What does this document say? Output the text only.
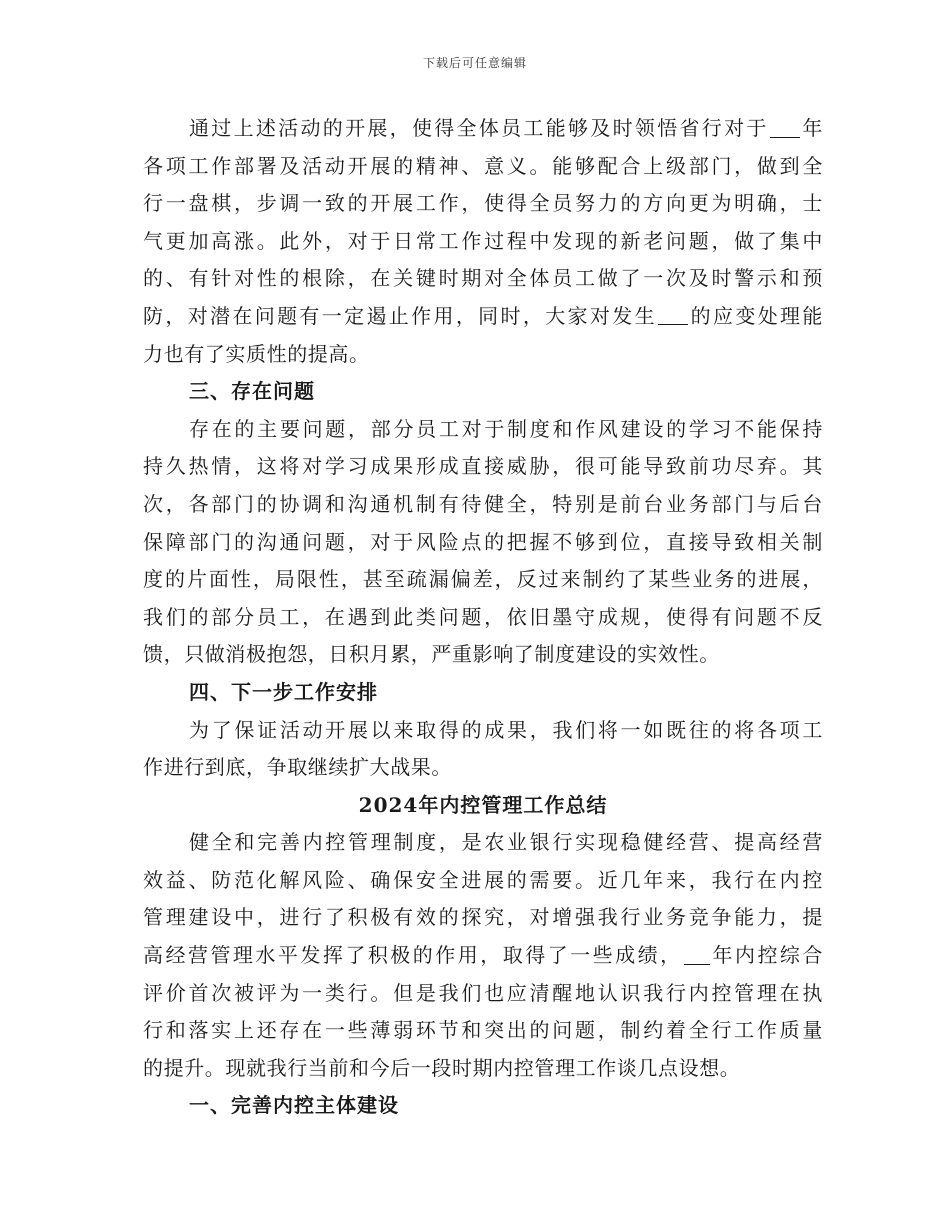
下载后可任意编辑
通过上述活动的开展，使得全体员工能够及时领悟省行对于 年
各项工作部署及活动开展的精神、意义。能够配合上级部门，做到全
行一盘棋，步调一致的开展工作，使得全员努力的方向更为明确，士
气更加高涨。此外，对于日常工作过程中发现的新老问题，做了集中
的、有针对性的根除，在关键时期对全体员工做了一次及时警示和预
防，对潜在问题有一定遏止作用，同时，大家对发生 的应变处理能
力也有了实质性的提高。
三、存在问题
存在的主要问题，部分员工对于制度和作风建设的学习不能保持
持久热情，这将对学习成果形成直接威胁，很可能导致前功尽弃。其
次，各部门的协调和沟通机制有待健全，特别是前台业务部门与后台
保障部门的沟通问题，对于风险点的把握不够到位，直接导致相关制
度的片面性，局限性，甚至疏漏偏差，反过来制约了某些业务的进展，
我们的部分员工，在遇到此类问题，依旧墨守成规，使得有问题不反
馈，只做消极抱怨，日积月累，严重影响了制度建设的实效性。
四、下一步工作安排
为了保证活动开展以来取得的成果，我们将一如既往的将各项工
作进行到底，争取继续扩大战果。
2024年内控管理工作总结
健全和完善内控管理制度，是农业银行实现稳健经营、提高经营
效益、防范化解风险、确保安全进展的需要。近几年来，我行在内控
管理建设中，进行了积极有效的探究，对增强我行业务竞争能力，提
高经营管理水平发挥了积极的作用，取得了一些成绩， 年内控综合
评价首次被评为一类行。但是我们也应清醒地认识我行内控管理在执
行和落实上还存在一些薄弱环节和突出的问题，制约着全行工作质量
的提升。现就我行当前和今后一段时期内控管理工作谈几点设想。
一、完善内控主体建设
